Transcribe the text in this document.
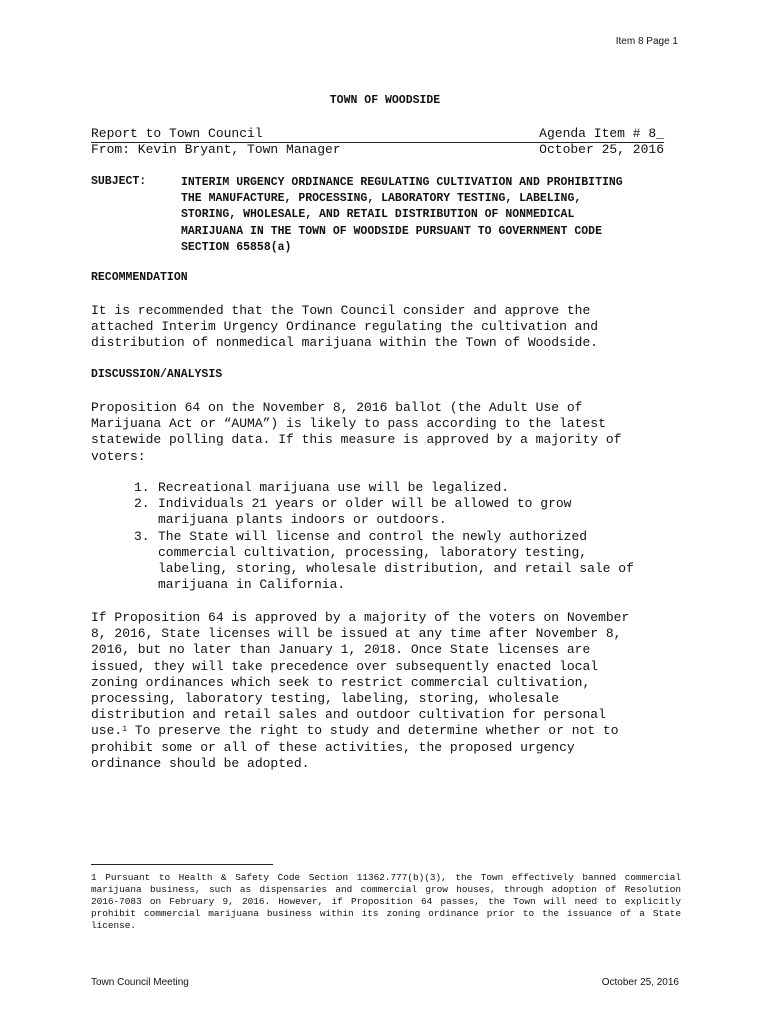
Item 8 Page 1
TOWN OF WOODSIDE
Report to Town Council	Agenda Item # 8_
From: Kevin Bryant, Town Manager	October 25, 2016
SUBJECT:	INTERIM URGENCY ORDINANCE REGULATING CULTIVATION AND PROHIBITING THE MANUFACTURE, PROCESSING, LABORATORY TESTING, LABELING, STORING, WHOLESALE, AND RETAIL DISTRIBUTION OF NONMEDICAL MARIJUANA IN THE TOWN OF WOODSIDE PURSUANT TO GOVERNMENT CODE SECTION 65858(a)
RECOMMENDATION
It is recommended that the Town Council consider and approve the
attached Interim Urgency Ordinance regulating the cultivation and
distribution of nonmedical marijuana within the Town of Woodside.
DISCUSSION/ANALYSIS
Proposition 64 on the November 8, 2016 ballot (the Adult Use of
Marijuana Act or “AUMA”) is likely to pass according to the latest
statewide polling data. If this measure is approved by a majority of
voters:
1. Recreational marijuana use will be legalized.
2. Individuals 21 years or older will be allowed to grow
marijuana plants indoors or outdoors.
3. The State will license and control the newly authorized
commercial cultivation, processing, laboratory testing,
labeling, storing, wholesale distribution, and retail sale of
marijuana in California.
If Proposition 64 is approved by a majority of the voters on November
8, 2016, State licenses will be issued at any time after November 8,
2016, but no later than January 1, 2018. Once State licenses are
issued, they will take precedence over subsequently enacted local
zoning ordinances which seek to restrict commercial cultivation,
processing, laboratory testing, labeling, storing, wholesale
distribution and retail sales and outdoor cultivation for personal
use.$^1$ To preserve the right to study and determine whether or not to
prohibit some or all of these activities, the proposed urgency
ordinance should be adopted.
1 Pursuant to Health & Safety Code Section 11362.777(b)(3), the Town effectively banned commercial marijuana business, such as dispensaries and commercial grow houses, through adoption of Resolution 2016-7083 on February 9, 2016. However, if Proposition 64 passes, the Town will need to explicitly prohibit commercial marijuana business within its zoning ordinance prior to the issuance of a State license.
Town Council Meeting	October 25, 2016
